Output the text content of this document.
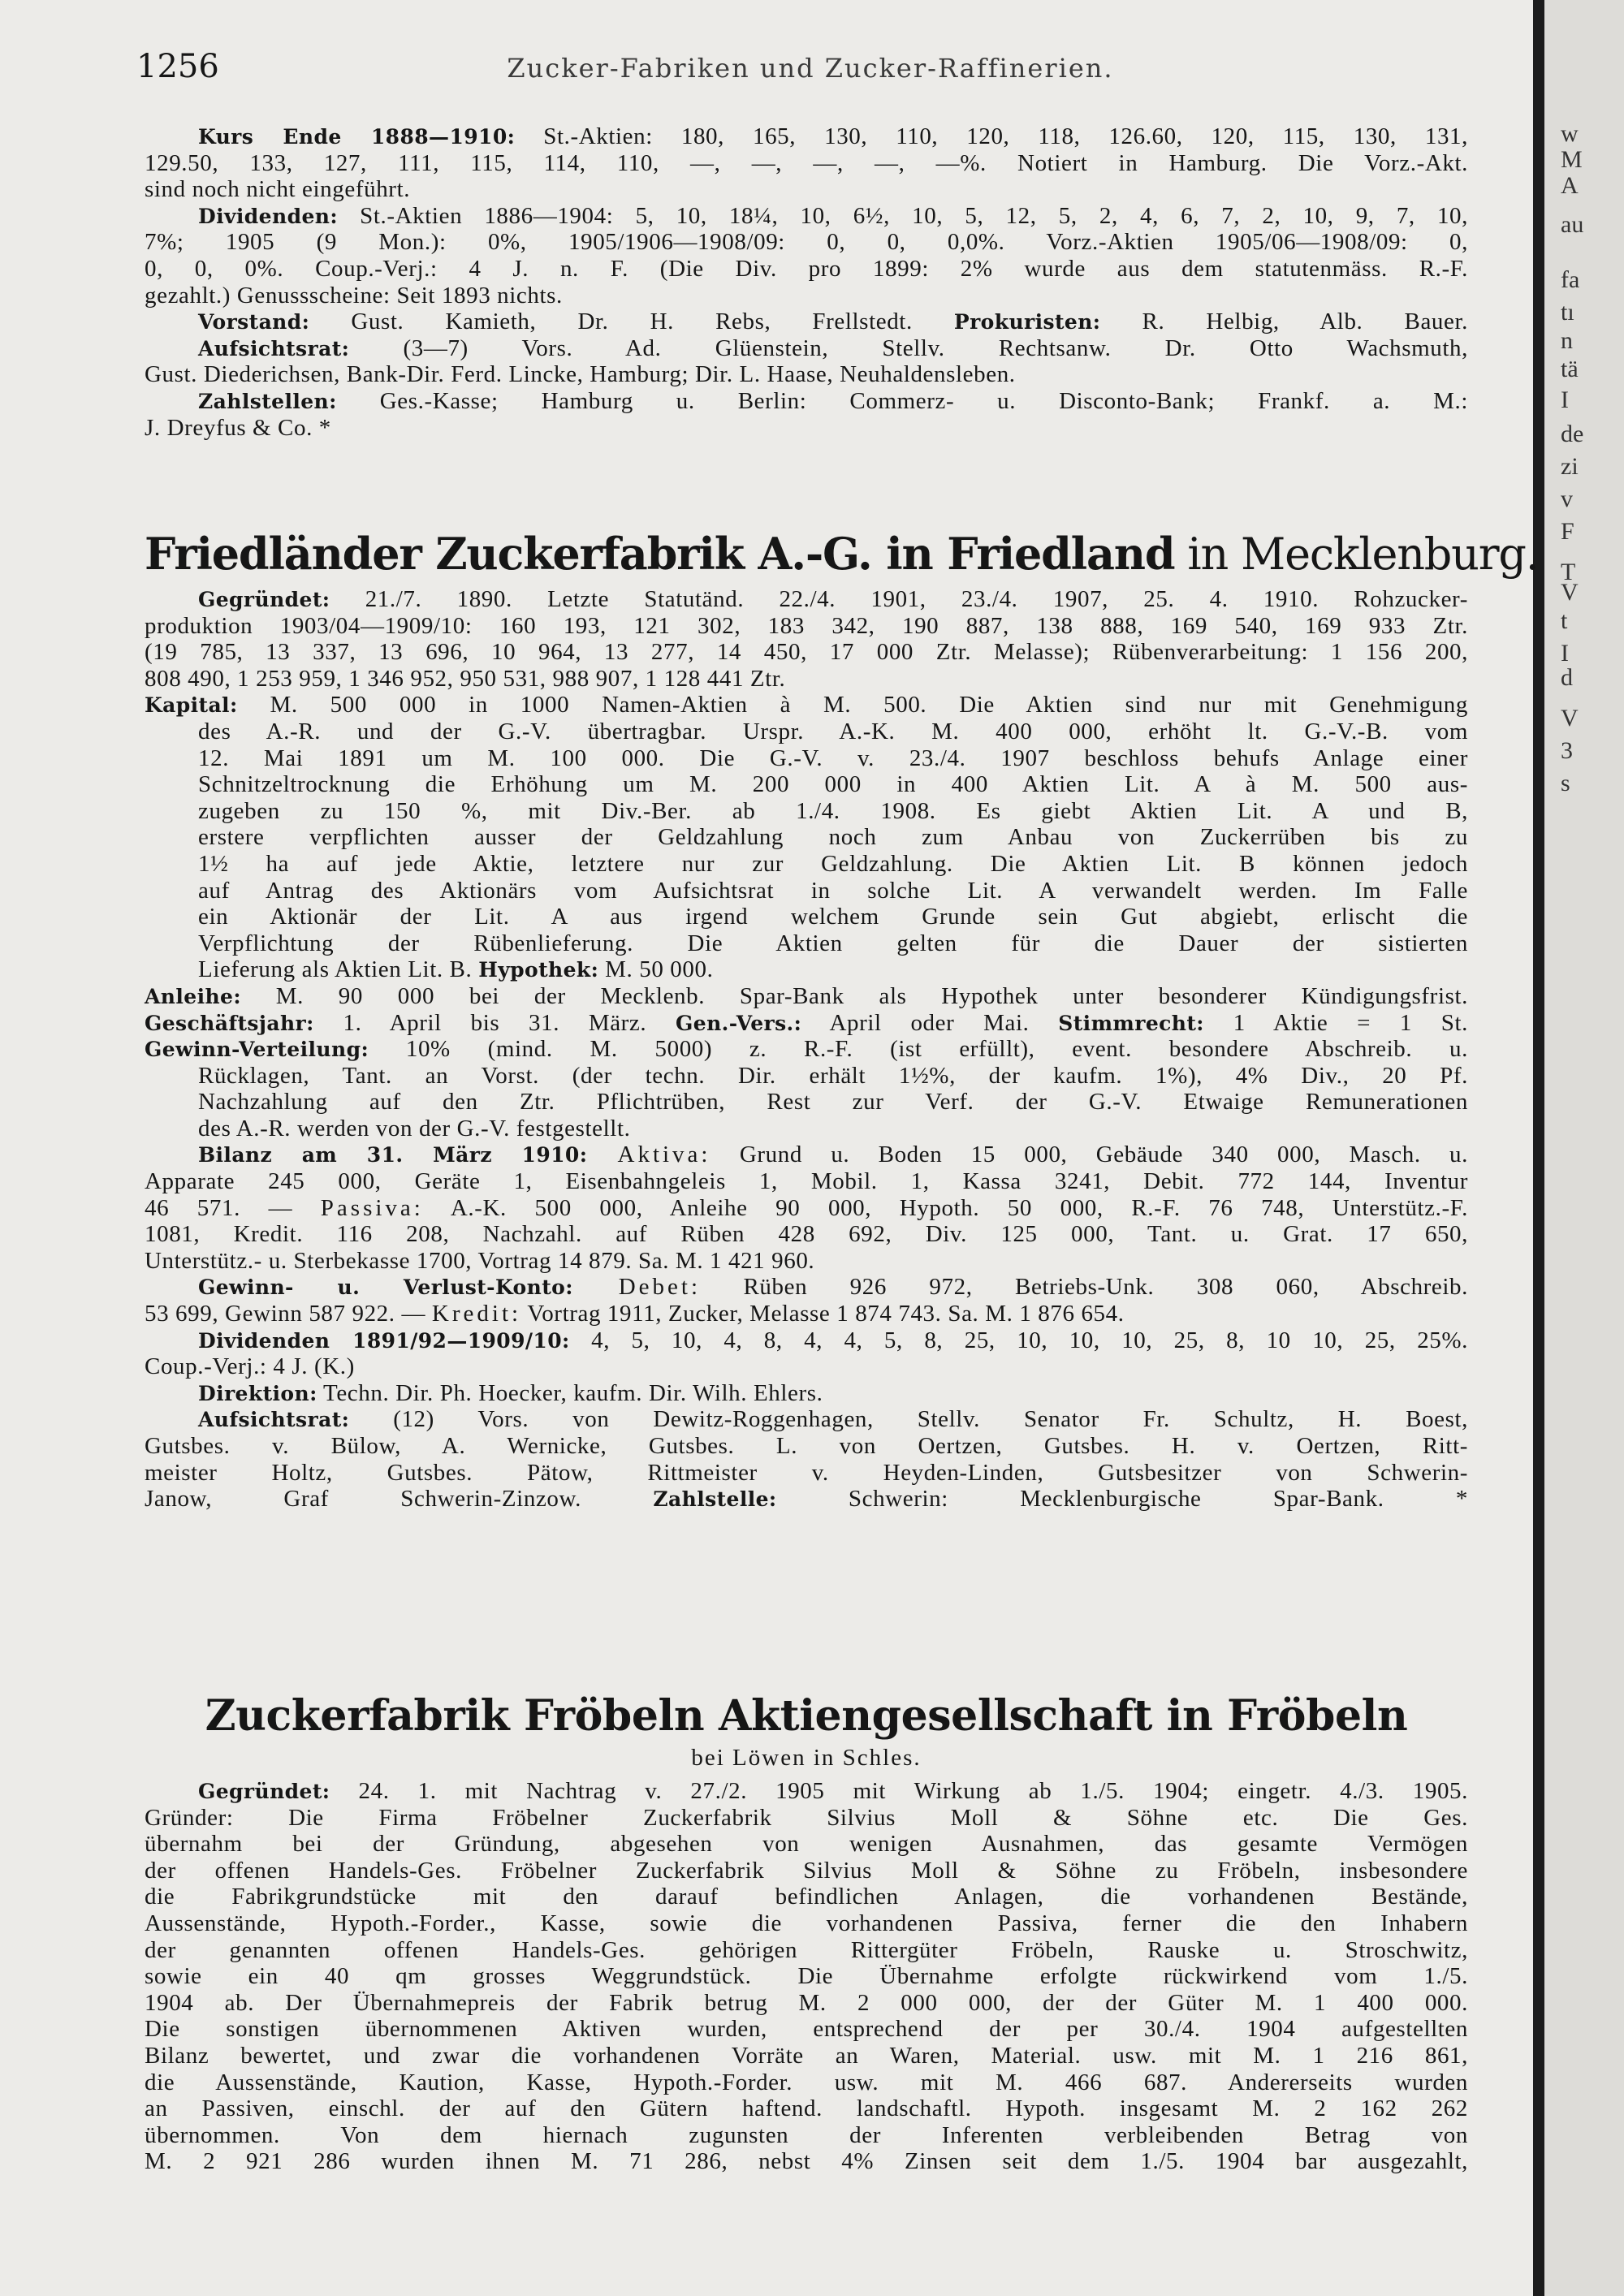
w
M
A
au
fa
tı
n
tä
I
de
zi
v
F
T
V
t
I
d
V
3
s
1256	Zucker-Fabriken und Zucker-Raffinerien.
Kurs Ende 1888—1910: St.-Aktien: 180, 165, 130, 110, 120, 118, 126.60, 120, 115, 130, 131,
129.50, 133, 127, 111, 115, 114, 110, —, —, —, —, —%. Notiert in Hamburg. Die Vorz.-Akt.
sind noch nicht eingeführt.
Dividenden: St.-Aktien 1886—1904: 5, 10, 18¼, 10, 6½, 10, 5, 12, 5, 2, 4, 6, 7, 2, 10, 9, 7, 10,
7%; 1905 (9 Mon.): 0%, 1905/1906—1908/09: 0, 0, 0,0%. Vorz.-Aktien 1905/06—1908/09: 0,
0, 0, 0%. Coup.-Verj.: 4 J. n. F. (Die Div. pro 1899: 2% wurde aus dem statutenmäss. R.-F.
gezahlt.) Genussscheine: Seit 1893 nichts.
Vorstand: Gust. Kamieth, Dr. H. Rebs, Frellstedt. Prokuristen: R. Helbig, Alb. Bauer.
Aufsichtsrat: (3—7) Vors. Ad. Glüenstein, Stellv. Rechtsanw. Dr. Otto Wachsmuth,
Gust. Diederichsen, Bank-Dir. Ferd. Lincke, Hamburg; Dir. L. Haase, Neuhaldensleben.
Zahlstellen: Ges.-Kasse; Hamburg u. Berlin: Commerz- u. Disconto-Bank; Frankf. a. M.:
J. Dreyfus & Co. *
Friedländer Zuckerfabrik A.-G. in Friedland in Mecklenburg.
Gegründet: 21./7. 1890. Letzte Statutänd. 22./4. 1901, 23./4. 1907, 25. 4. 1910. Rohzucker-
produktion 1903/04—1909/10: 160 193, 121 302, 183 342, 190 887, 138 888, 169 540, 169 933 Ztr.
(19 785, 13 337, 13 696, 10 964, 13 277, 14 450, 17 000 Ztr. Melasse); Rübenverarbeitung: 1 156 200,
808 490, 1 253 959, 1 346 952, 950 531, 988 907, 1 128 441 Ztr.
Kapital: M. 500 000 in 1000 Namen-Aktien à M. 500. Die Aktien sind nur mit Genehmigung
des A.-R. und der G.-V. übertragbar. Urspr. A.-K. M. 400 000, erhöht lt. G.-V.-B. vom
12. Mai 1891 um M. 100 000. Die G.-V. v. 23./4. 1907 beschloss behufs Anlage einer
Schnitzeltrocknung die Erhöhung um M. 200 000 in 400 Aktien Lit. A à M. 500 aus-
zugeben zu 150 %, mit Div.-Ber. ab 1./4. 1908. Es giebt Aktien Lit. A und B,
erstere verpflichten ausser der Geldzahlung noch zum Anbau von Zuckerrüben bis zu
1½ ha auf jede Aktie, letztere nur zur Geldzahlung. Die Aktien Lit. B können jedoch
auf Antrag des Aktionärs vom Aufsichtsrat in solche Lit. A verwandelt werden. Im Falle
ein Aktionär der Lit. A aus irgend welchem Grunde sein Gut abgiebt, erlischt die
Verpflichtung der Rübenlieferung. Die Aktien gelten für die Dauer der sistierten
Lieferung als Aktien Lit. B. Hypothek: M. 50 000.
Anleihe: M. 90 000 bei der Mecklenb. Spar-Bank als Hypothek unter besonderer Kündigungsfrist.
Geschäftsjahr: 1. April bis 31. März. Gen.-Vers.: April oder Mai. Stimmrecht: 1 Aktie = 1 St.
Gewinn-Verteilung: 10% (mind. M. 5000) z. R.-F. (ist erfüllt), event. besondere Abschreib. u.
Rücklagen, Tant. an Vorst. (der techn. Dir. erhält 1½%, der kaufm. 1%), 4% Div., 20 Pf.
Nachzahlung auf den Ztr. Pflichtrüben, Rest zur Verf. der G.-V. Etwaige Remunerationen
des A.-R. werden von der G.-V. festgestellt.
Bilanz am 31. März 1910: Aktiva: Grund u. Boden 15 000, Gebäude 340 000, Masch. u.
Apparate 245 000, Geräte 1, Eisenbahngeleis 1, Mobil. 1, Kassa 3241, Debit. 772 144, Inventur
46 571. — Passiva: A.-K. 500 000, Anleihe 90 000, Hypoth. 50 000, R.-F. 76 748, Unterstütz.-F.
1081, Kredit. 116 208, Nachzahl. auf Rüben 428 692, Div. 125 000, Tant. u. Grat. 17 650,
Unterstütz.- u. Sterbekasse 1700, Vortrag 14 879. Sa. M. 1 421 960.
Gewinn- u. Verlust-Konto: Debet: Rüben 926 972, Betriebs-Unk. 308 060, Abschreib.
53 699, Gewinn 587 922. — Kredit: Vortrag 1911, Zucker, Melasse 1 874 743. Sa. M. 1 876 654.
Dividenden 1891/92—1909/10: 4, 5, 10, 4, 8, 4, 4, 5, 8, 25, 10, 10, 10, 25, 8, 10 10, 25, 25%.
Coup.-Verj.: 4 J. (K.)
Direktion: Techn. Dir. Ph. Hoecker, kaufm. Dir. Wilh. Ehlers.
Aufsichtsrat: (12) Vors. von Dewitz-Roggenhagen, Stellv. Senator Fr. Schultz, H. Boest,
Gutsbes. v. Bülow, A. Wernicke, Gutsbes. L. von Oertzen, Gutsbes. H. v. Oertzen, Ritt-
meister Holtz, Gutsbes. Pätow, Rittmeister v. Heyden-Linden, Gutsbesitzer von Schwerin-
Janow, Graf Schwerin-Zinzow. Zahlstelle: Schwerin: Mecklenburgische Spar-Bank. *
Zuckerfabrik Fröbeln Aktiengesellschaft in Fröbeln
bei Löwen in Schles.
Gegründet: 24. 1. mit Nachtrag v. 27./2. 1905 mit Wirkung ab 1./5. 1904; eingetr. 4./3. 1905.
Gründer: Die Firma Fröbelner Zuckerfabrik Silvius Moll & Söhne etc. Die Ges.
übernahm bei der Gründung, abgesehen von wenigen Ausnahmen, das gesamte Vermögen
der offenen Handels-Ges. Fröbelner Zuckerfabrik Silvius Moll & Söhne zu Fröbeln, insbesondere
die Fabrikgrundstücke mit den darauf befindlichen Anlagen, die vorhandenen Bestände,
Aussenstände, Hypoth.-Forder., Kasse, sowie die vorhandenen Passiva, ferner die den Inhabern
der genannten offenen Handels-Ges. gehörigen Rittergüter Fröbeln, Rauske u. Stroschwitz,
sowie ein 40 qm grosses Weggrundstück. Die Übernahme erfolgte rückwirkend vom 1./5.
1904 ab. Der Übernahmepreis der Fabrik betrug M. 2 000 000, der der Güter M. 1 400 000.
Die sonstigen übernommenen Aktiven wurden, entsprechend der per 30./4. 1904 aufgestellten
Bilanz bewertet, und zwar die vorhandenen Vorräte an Waren, Material. usw. mit M. 1 216 861,
die Aussenstände, Kaution, Kasse, Hypoth.-Forder. usw. mit M. 466 687. Andererseits wurden
an Passiven, einschl. der auf den Gütern haftend. landschaftl. Hypoth. insgesamt M. 2 162 262
übernommen. Von dem hiernach zugunsten der Inferenten verbleibenden Betrag von
M. 2 921 286 wurden ihnen M. 71 286, nebst 4% Zinsen seit dem 1./5. 1904 bar ausgezahlt,
